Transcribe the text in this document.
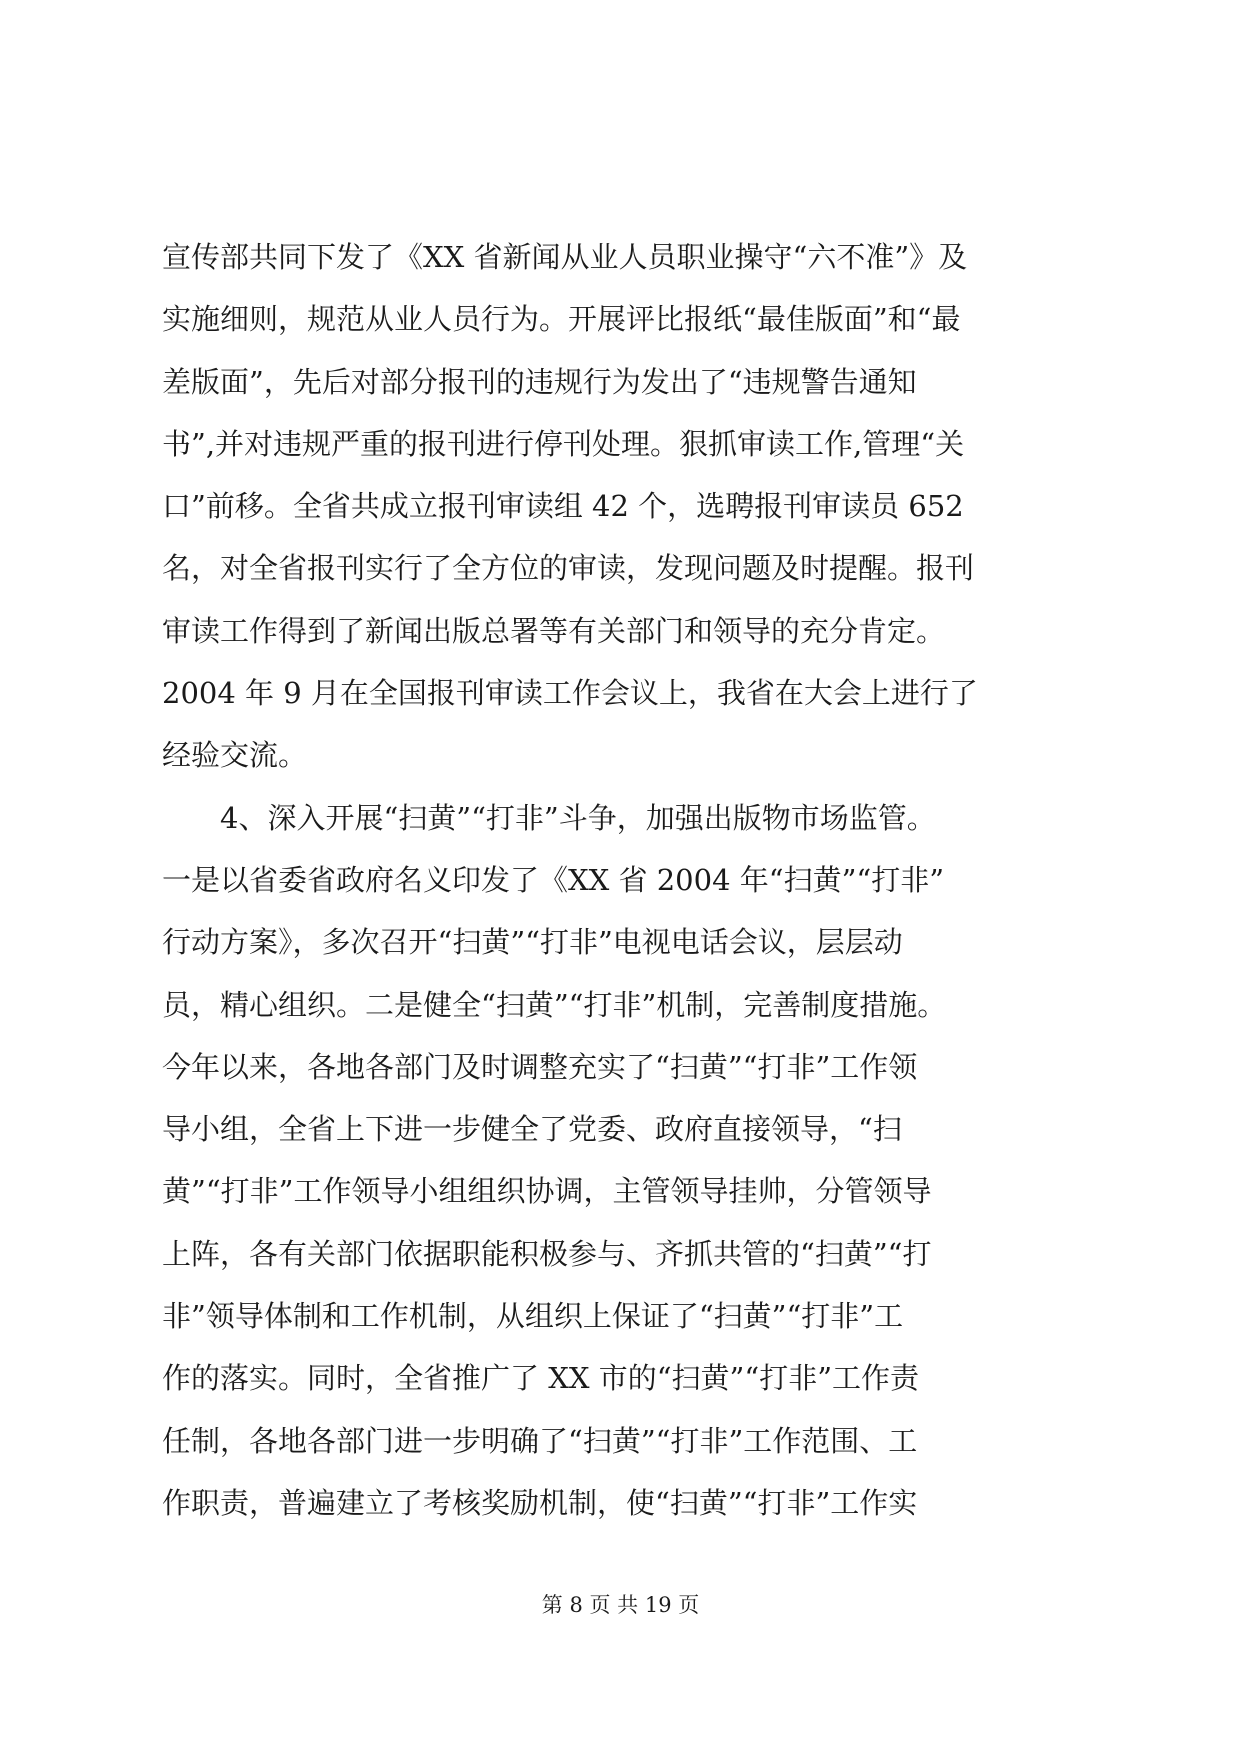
宣传部共同下发了《XX 省新闻从业人员职业操守“六不准”》及
实施细则，规范从业人员行为。开展评比报纸“最佳版面”和“最
差版面”，先后对部分报刊的违规行为发出了“违规警告通知
书”,并对违规严重的报刊进行停刊处理。狠抓审读工作,管理“关
口”前移。全省共成立报刊审读组 42 个，选聘报刊审读员 652
名，对全省报刊实行了全方位的审读，发现问题及时提醒。报刊
审读工作得到了新闻出版总署等有关部门和领导的充分肯定。
2004 年 9 月在全国报刊审读工作会议上，我省在大会上进行了
经验交流。
　　4、深入开展“扫黄”“打非”斗争，加强出版物市场监管。
一是以省委省政府名义印发了《XX 省 2004 年“扫黄”“打非”
行动方案》，多次召开“扫黄”“打非”电视电话会议，层层动
员，精心组织。二是健全“扫黄”“打非”机制，完善制度措施。
今年以来，各地各部门及时调整充实了“扫黄”“打非”工作领
导小组，全省上下进一步健全了党委、政府直接领导，“扫
黄”“打非”工作领导小组组织协调，主管领导挂帅，分管领导
上阵，各有关部门依据职能积极参与、齐抓共管的“扫黄”“打
非”领导体制和工作机制，从组织上保证了“扫黄”“打非”工
作的落实。同时，全省推广了 XX 市的“扫黄”“打非”工作责
任制，各地各部门进一步明确了“扫黄”“打非”工作范围、工
作职责，普遍建立了考核奖励机制，使“扫黄”“打非”工作实
第 8 页 共 19 页
